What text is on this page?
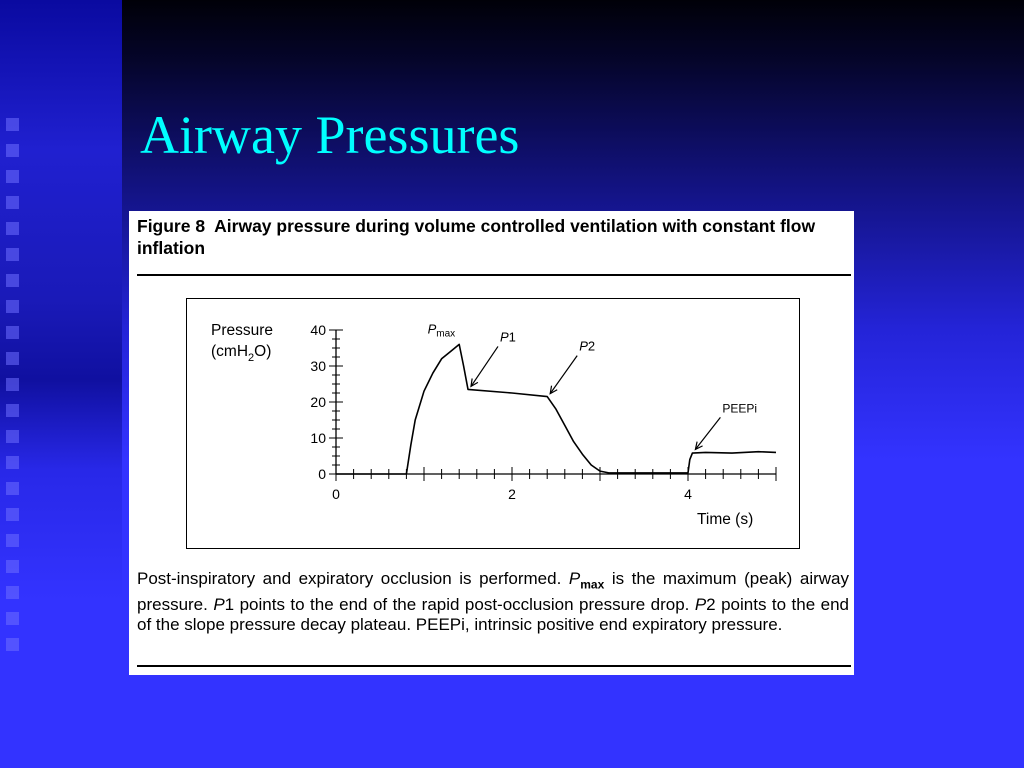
Airway Pressures
Figure 8 Airway pressure during volume controlled ventilation with constant flow inflation
0
10
20
30
40
0	2	4
$P_{max}$	P1
P2
PEEPi
Pressure
(cmH$_2$O)
Time (s)
Post-inspiratory and expiratory occlusion is performed. $P_{max}$ is the maximum (peak) airway pressure. P1 points to the end of the rapid post-occlusion pressure drop. P2 points to the end of the slope pressure decay plateau. PEEPi, intrinsic positive end expiratory pressure.
